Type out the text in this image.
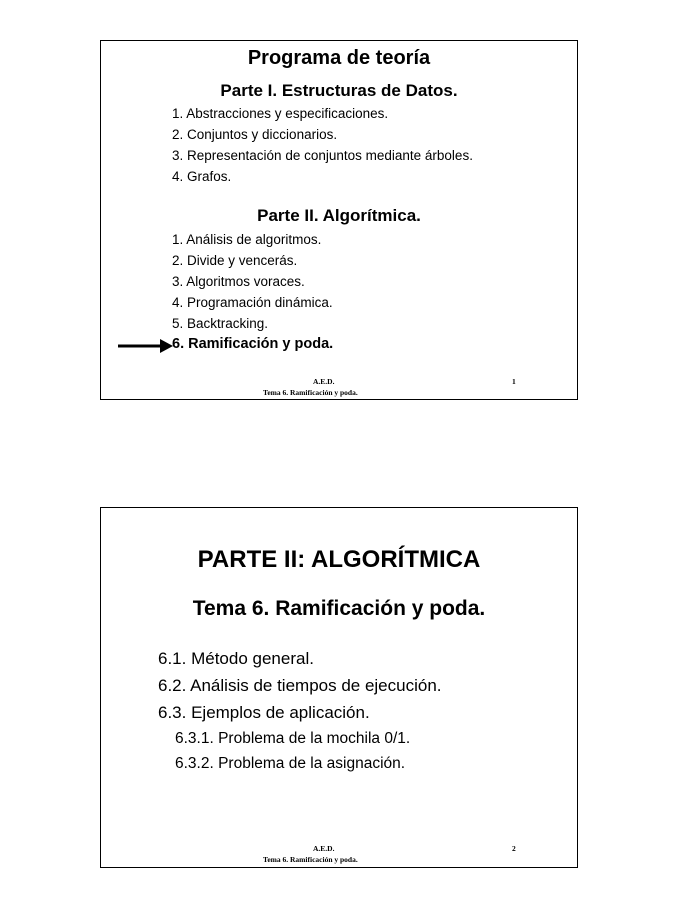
Programa de teoría
Parte I. Estructuras de Datos.
1. Abstracciones y especificaciones.
2. Conjuntos y diccionarios.
3. Representación de conjuntos mediante árboles.
4. Grafos.
Parte II. Algorítmica.
1. Análisis de algoritmos.
2. Divide y vencerás.
3. Algoritmos voraces.
4. Programación dinámica.
5. Backtracking.
6. Ramificación y poda.
A.E.D.	1
Tema 6. Ramificación y poda.
PARTE II: ALGORÍTMICA
Tema 6. Ramificación y poda.
6.1. Método general.
6.2. Análisis de tiempos de ejecución.
6.3. Ejemplos de aplicación.
6.3.1. Problema de la mochila 0/1.
6.3.2. Problema de la asignación.
A.E.D.	2
Tema 6. Ramificación y poda.
